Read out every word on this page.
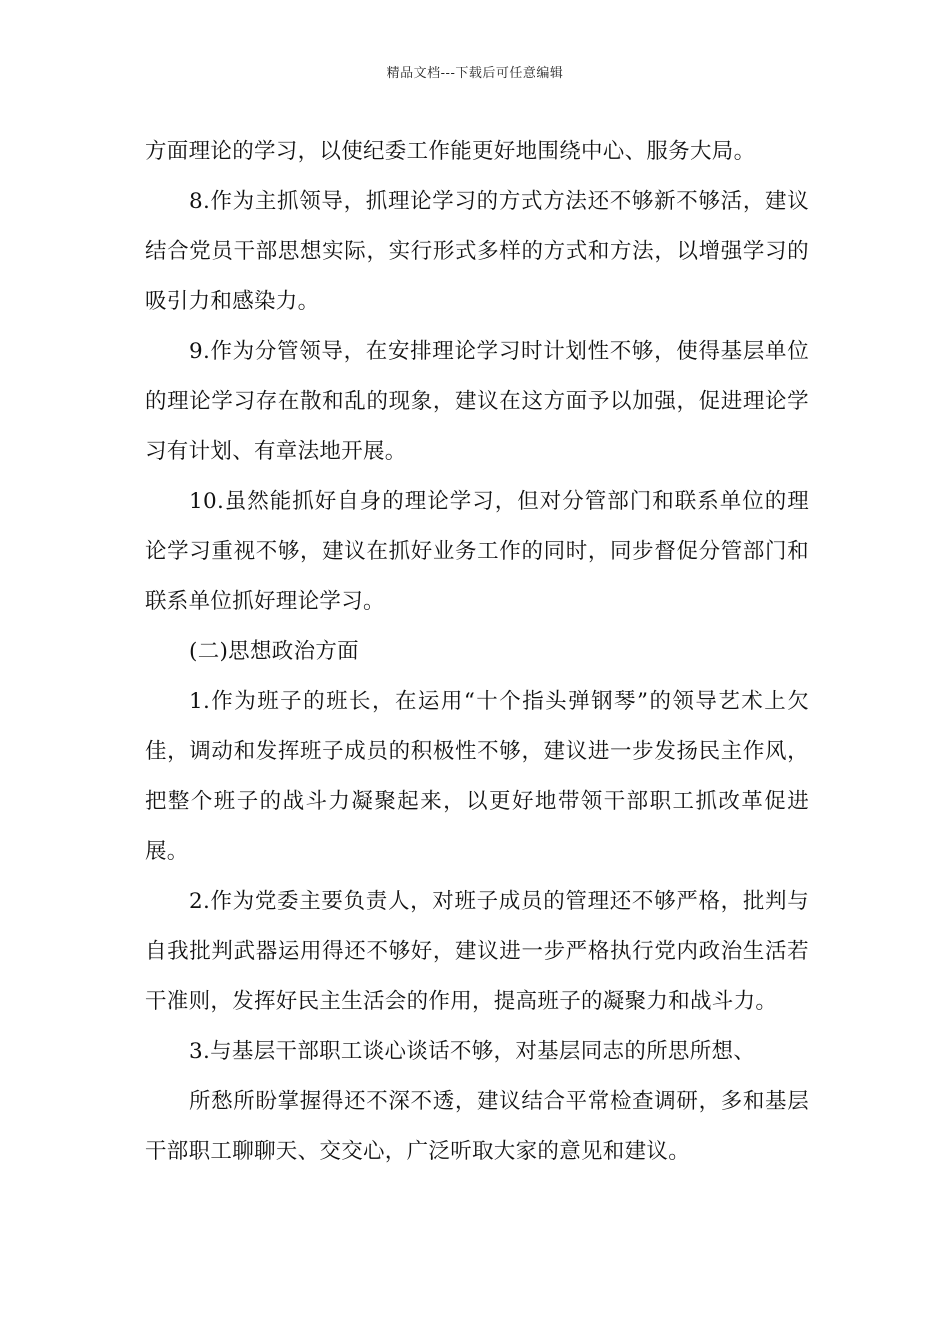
精品文档---下载后可任意编辑

方面理论的学习，以使纪委工作能更好地围绕中心、服务大局。

8.作为主抓领导，抓理论学习的方式方法还不够新不够活，建议结合党员干部思想实际，实行形式多样的方式和方法，以增强学习的吸引力和感染力。

9.作为分管领导，在安排理论学习时计划性不够，使得基层单位的理论学习存在散和乱的现象，建议在这方面予以加强，促进理论学习有计划、有章法地开展。

10.虽然能抓好自身的理论学习，但对分管部门和联系单位的理论学习重视不够，建议在抓好业务工作的同时，同步督促分管部门和联系单位抓好理论学习。

(二)思想政治方面

1.作为班子的班长，在运用“十个指头弹钢琴”的领导艺术上欠佳，调动和发挥班子成员的积极性不够，建议进一步发扬民主作风，把整个班子的战斗力凝聚起来，以更好地带领干部职工抓改革促进展。

2.作为党委主要负责人，对班子成员的管理还不够严格，批判与自我批判武器运用得还不够好，建议进一步严格执行党内政治生活若干准则，发挥好民主生活会的作用，提高班子的凝聚力和战斗力。

3.与基层干部职工谈心谈话不够，对基层同志的所思所想、

所愁所盼掌握得还不深不透，建议结合平常检查调研，多和基层干部职工聊聊天、交交心，广泛听取大家的意见和建议。
